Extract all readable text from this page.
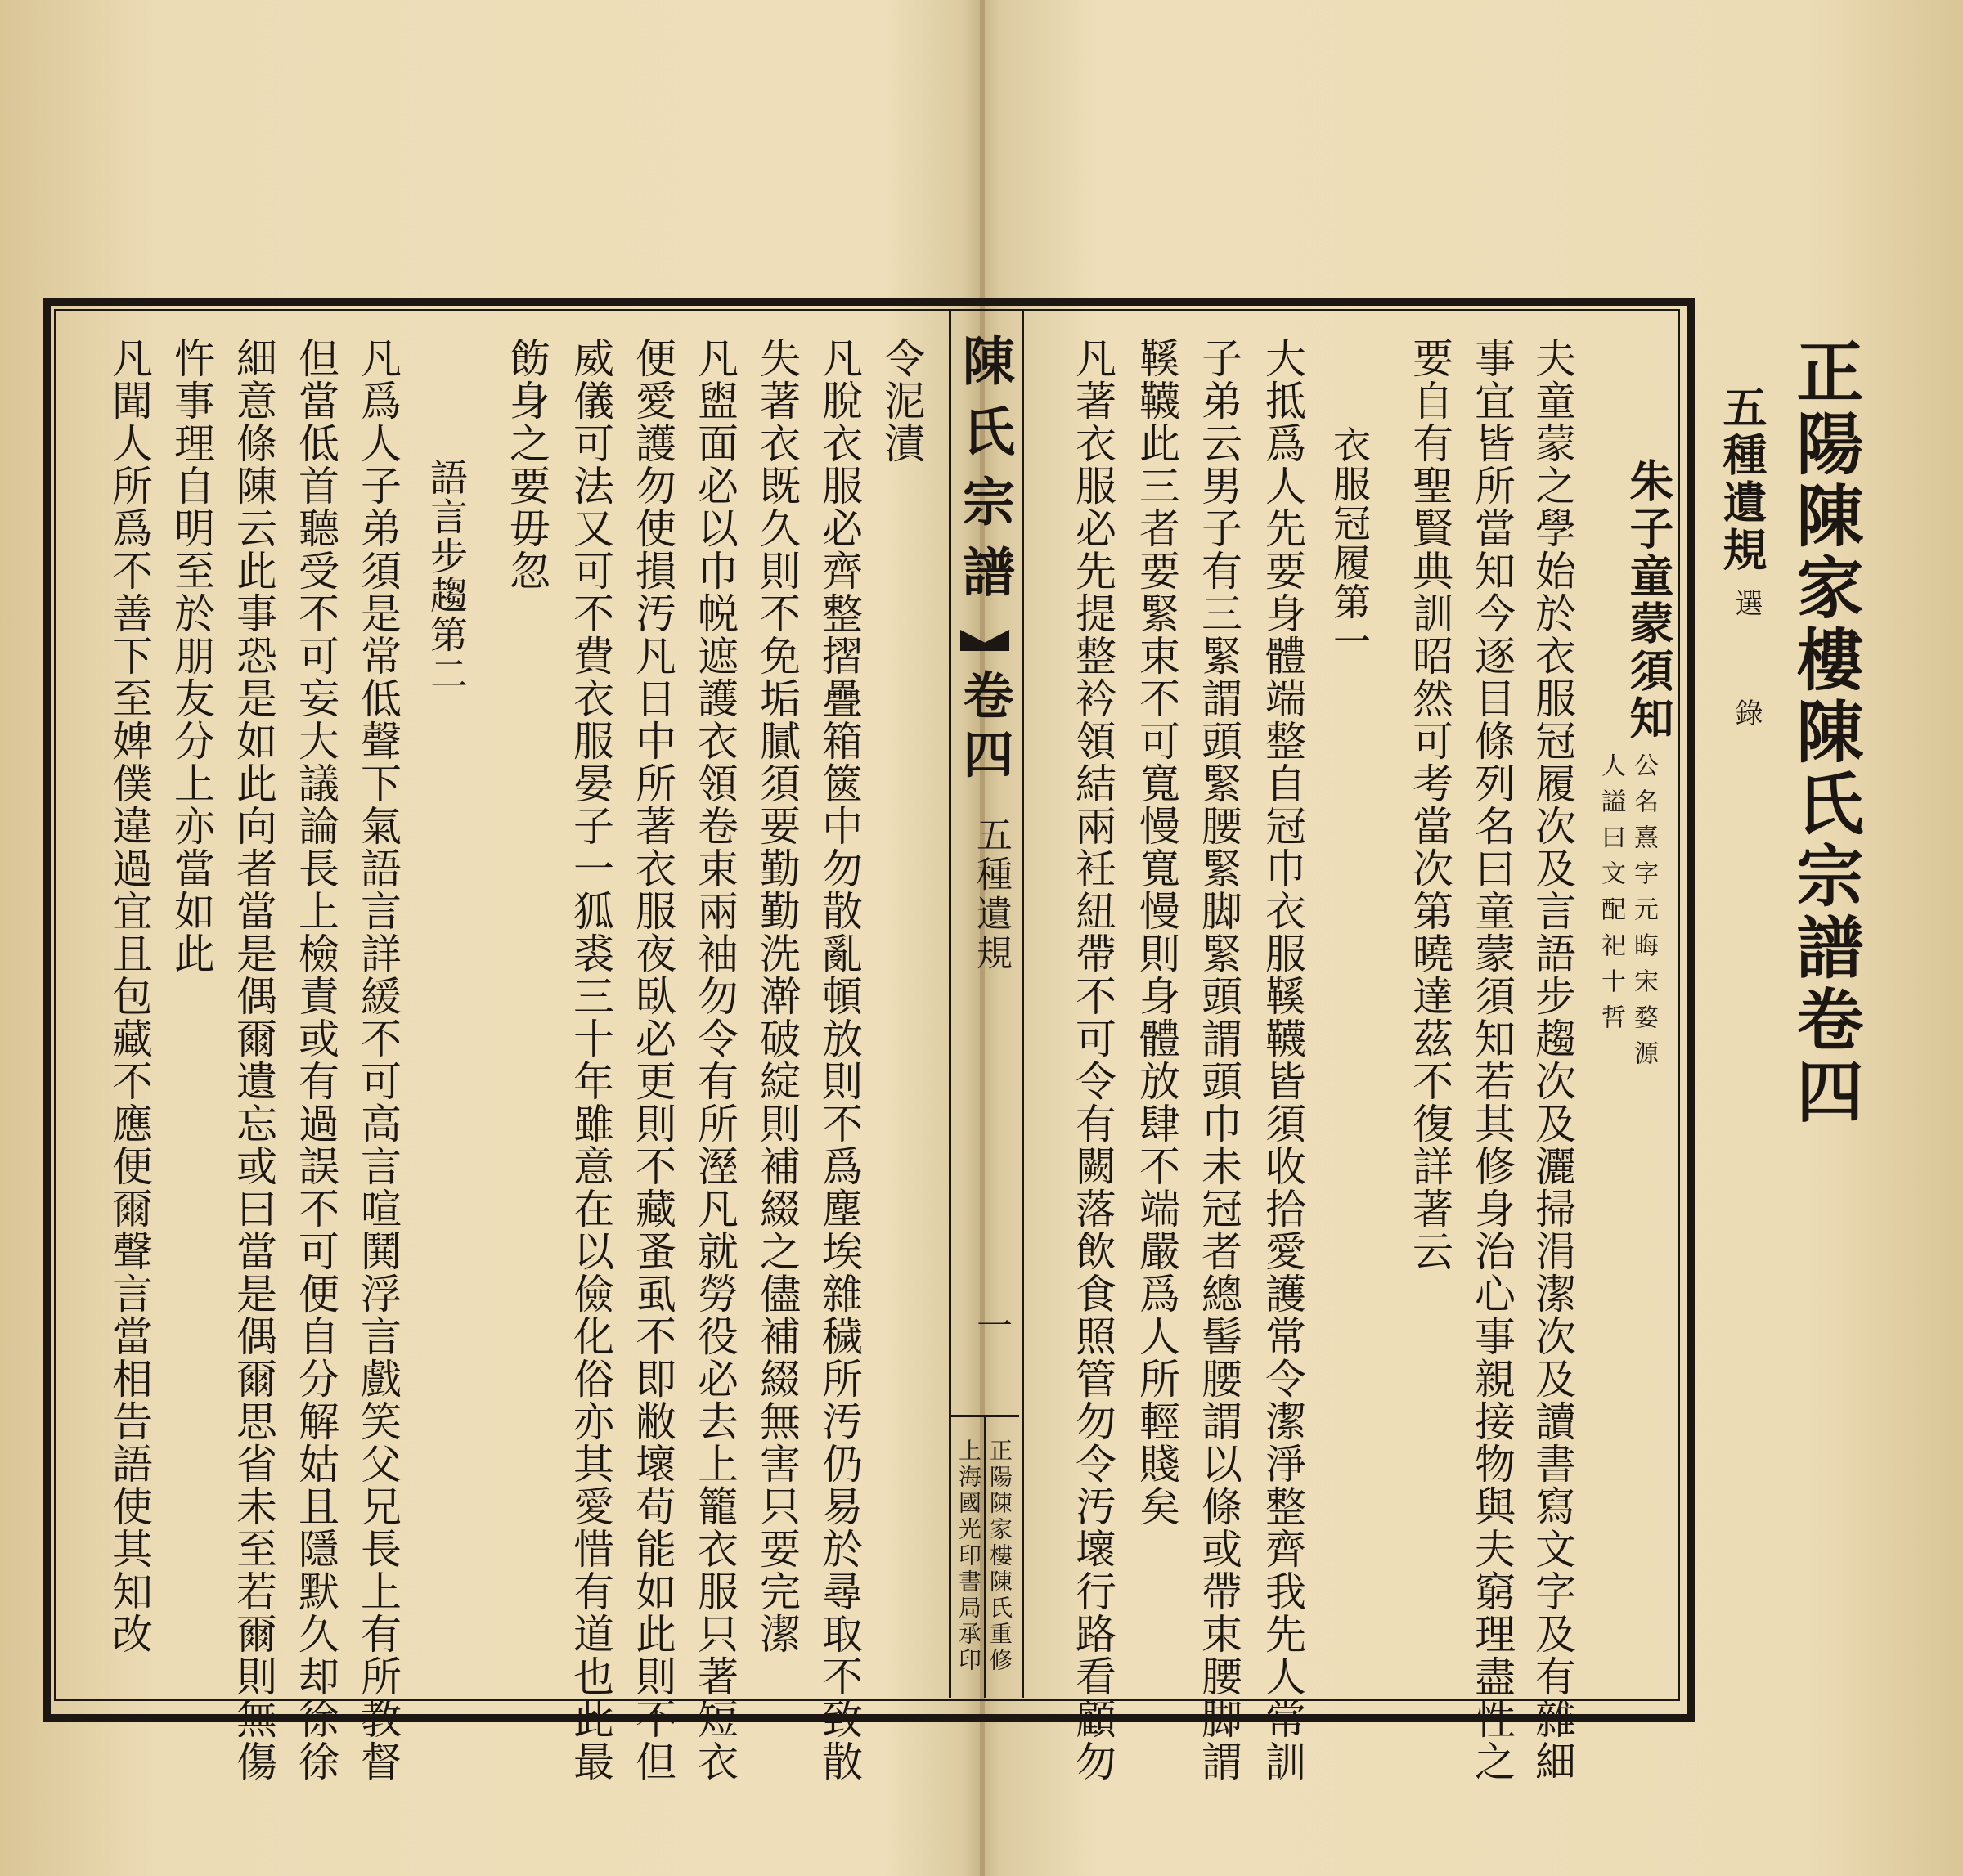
正陽陳家樓陳氏宗譜卷四
五種遺規
選 錄
朱子童蒙須知
公名熹字元晦宋婺源
人謚曰文配祀十哲
夫童蒙之學始於衣服冠履次及言語步趨次及灑掃涓潔次及讀書寫文字及有雜細
事宜皆所當知今逐目條列名曰童蒙須知若其修身治心事親接物與夫窮理盡性之
要自有聖賢典訓昭然可考當次第曉達茲不復詳著云
衣服冠履第一
大抵爲人先要身體端整自冠巾衣服鞵韈皆須收拾愛護常令潔淨整齊我先人常訓
子弟云男子有三緊謂頭緊腰緊脚緊頭謂頭巾未冠者總髻腰謂以條或帶束腰脚謂
鞵韈此三者要緊束不可寬慢寬慢則身體放肆不端嚴爲人所輕賤矣
凡著衣服必先提整衿領結兩衽紐帶不可令有闕落飲食照管勿令汚壞行路看顧勿
陳氏宗譜
卷四
五種遺規
一
正陽陳家樓陳氏重修
上海國光印書局承印
令泥漬
凡脫衣服必齊整摺疊箱篋中勿散亂頓放則不爲塵埃雜穢所汚仍易於尋取不致散
失著衣既久則不免垢膩須要勤勤洗澣破綻則補綴之儘補綴無害只要完潔
凡盥面必以巾帨遮護衣領卷束兩袖勿令有所溼凡就勞役必去上籠衣服只著短衣
便愛護勿使損汚凡日中所著衣服夜臥必更則不藏蚤虱不即敝壞苟能如此則不但
威儀可法又可不費衣服晏子一狐裘三十年雖意在以儉化俗亦其愛惜有道也此最
飭身之要毋忽
語言步趨第二
凡爲人子弟須是常低聲下氣語言詳緩不可高言喧鬨浮言戲笑父兄長上有所教督
但當低首聽受不可妄大議論長上檢責或有過誤不可便自分解姑且隱默久却徐徐
細意條陳云此事恐是如此向者當是偶爾遺忘或曰當是偶爾思省未至若爾則無傷
忤事理自明至於朋友分上亦當如此
凡聞人所爲不善下至婢僕違過宜且包藏不應便爾聲言當相告語使其知改
